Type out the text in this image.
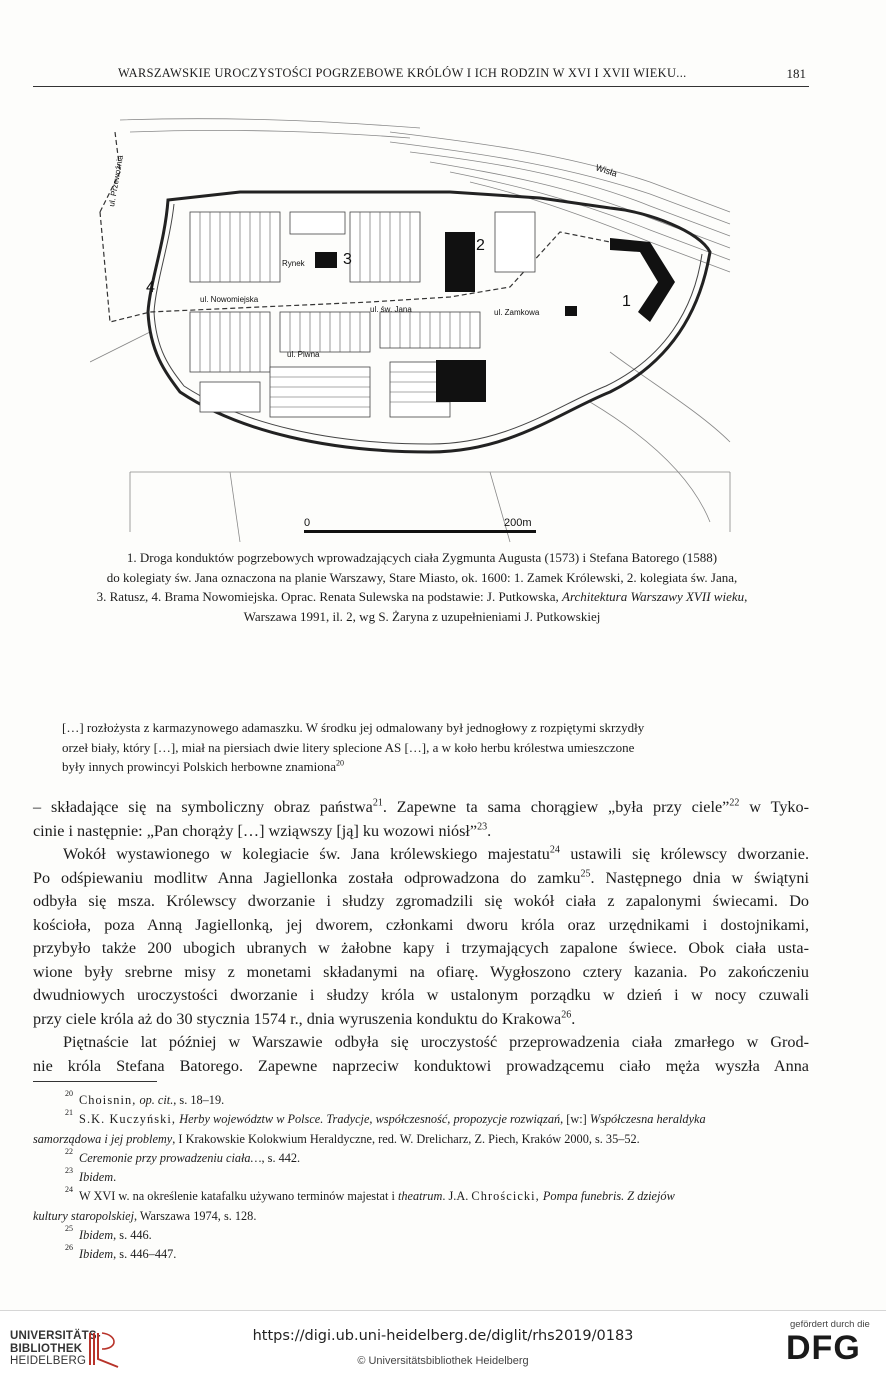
WARSZAWSKIE UROCZYSTOŚCI POGRZEBOWE KRÓLÓW I ICH RODZIN W XVI I XVII WIEKU...	181
ul. Przewoźnia	Wisła
Rynek
ul. Nowomiejska
ul. św. Jana	ul. Zamkowa
ul. Piwna
1
2
3
4
0	200m

1. Droga konduktów pogrzebowych wprowadzających ciała Zygmunta Augusta (1573) i Stefana Batorego (1588)

do kolegiaty św. Jana oznaczona na planie Warszawy, Stare Miasto, ok. 1600: 1. Zamek Królewski, 2. kolegiata św. Jana,

3. Ratusz, 4. Brama Nowomiejska. Oprac. Renata Sulewska na podstawie: J. Putkowska, Architektura Warszawy XVII wieku,

Warszawa 1991, il. 2, wg S. Żaryna z uzupełnieniami J. Putkowskiej

[…] rozłożysta z karmazynowego adamaszku. W środku jej odmalowany był jednogłowy z rozpiętymi skrzydły

orzeł biały, który […], miał na piersiach dwie litery splecione AS […], a w koło herbu królestwa umieszczone

były innych prowincyi Polskich herbowne znamiona$^{20}$

– składające się na symboliczny obraz państwa$^{21}$. Zapewne ta sama chorągiew „była przy ciele”$^{22}$ w Tyko-

cinie i następnie: „Pan chorąży […] wziąwszy [ją] ku wozowi niósł”$^{23}$.

Wokół wystawionego w kolegiacie św. Jana królewskiego majestatu$^{24}$ ustawili się królewscy dworzanie.

Po odśpiewaniu modlitw Anna Jagiellonka została odprowadzona do zamku$^{25}$. Następnego dnia w świątyni

odbyła się msza. Królewscy dworzanie i słudzy zgromadzili się wokół ciała z zapalonymi świecami. Do

kościoła, poza Anną Jagiellonką, jej dworem, członkami dworu króla oraz urzędnikami i dostojnikami,

przybyło także 200 ubogich ubranych w żałobne kapy i trzymających zapalone świece. Obok ciała usta-

wione były srebrne misy z monetami składanymi na ofiarę. Wygłoszono cztery kazania. Po zakończeniu

dwudniowych uroczystości dworzanie i słudzy króla w ustalonym porządku w dzień i w nocy czuwali

przy ciele króla aż do 30 stycznia 1574 r., dnia wyruszenia konduktu do Krakowa$^{26}$.

Piętnaście lat później w Warszawie odbyła się uroczystość przeprowadzenia ciała zmarłego w Grod-

nie króla Stefana Batorego. Zapewne naprzeciw konduktowi prowadzącemu ciało męża wyszła Anna

$^{20}$ Choisnin, op. cit., s. 18–19.

$^{21}$ S.K. Kuczyński, Herby województw w Polsce. Tradycje, współczesność, propozycje rozwiązań, [w:] Współczesna heraldyka

samorządowa i jej problemy, I Krakowskie Kolokwium Heraldyczne, red. W. Drelicharz, Z. Piech, Kraków 2000, s. 35–52.

$^{22}$ Ceremonie przy prowadzeniu ciała…, s. 442.

$^{23}$ Ibidem.

$^{24}$ W XVI w. na określenie katafalku używano terminów majestat i theatrum. J.A. Chrościcki, Pompa funebris. Z dziejów

kultury staropolskiej, Warszawa 1974, s. 128.

$^{25}$ Ibidem, s. 446.

$^{26}$ Ibidem, s. 446–447.

UNIVERSITÄTS-
BIBLIOTHEK
HEIDELBERG
https://digi.ub.uni-heidelberg.de/diglit/rhs2019/0183
© Universitätsbibliothek Heidelberg
gefördert durch die
DFG
